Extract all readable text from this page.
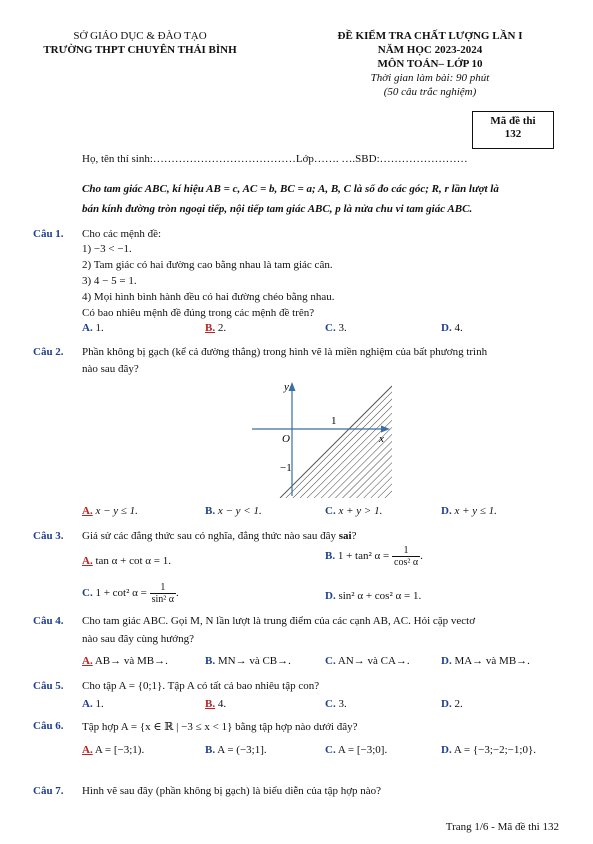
SỞ GIÁO DỤC & ĐÀO TẠO
TRƯỜNG THPT CHUYÊN THÁI BÌNH
ĐỀ KIỂM TRA CHẤT LƯỢNG LẦN I
NĂM HỌC 2023-2024
MÔN TOÁN– LỚP 10
Thời gian làm bài: 90 phút
(50 câu trắc nghiệm)
Mã đề thi
132
Họ, tên thí sinh:…………………………………Lớp……. ….SBD:……………………
Cho tam giác ABC, kí hiệu AB = c, AC = b, BC = a; A, B, C là số đo các góc; R, r lần lượt là
bán kính đường tròn ngoại tiếp, nội tiếp tam giác ABC, p là nửa chu vi tam giác ABC.
Câu 1. Cho các mệnh đề:
1) −3 < −1.
2) Tam giác có hai đường cao bằng nhau là tam giác cân.
3) 4 − 5 = 1.
4) Mọi hình bình hành đều có hai đường chéo bằng nhau.
Có bao nhiêu mệnh đề đúng trong các mệnh đề trên?
A. 1.	B. 2.	C. 3.	D. 4.
Câu 2. Phần không bị gạch (kể cả đường thẳng) trong hình vẽ là miền nghiệm của bất phương trình
nào sau đây?
y
x
O
1
−1
A. x − y ≤ 1.	B. x − y < 1.	C. x + y > 1.	D. x + y ≤ 1.
Câu 3. Giả sử các đẳng thức sau có nghĩa, đẳng thức nào sau đây sai?
A. tan α + cot α = 1.	B. 1 + tan² $\alpha = \frac{1}{\text{cos² α}}$ .
C. 1 + cot² $\alpha = \frac{1}{\text{sin² α}}$ .	D. sin² α + cos² α = 1.
Câu 4. Cho tam giác ABC. Gọi M, N lần lượt là trung điểm của các cạnh AB, AC. Hỏi cặp vectơ
nào sau đây cùng hướng?
A. AB→ và MB→.	B. MN→ và CB→.	C. AN→ và CA→.	D. MA→ và MB→.
Câu 5. Cho tập A = {0;1}. Tập A có tất cả bao nhiêu tập con?
A. 1.	B. 4.	C. 3.	D. 2.
Câu 6. Tập hợp A = {x ∈ ℝ | −3 ≤ x < 1} bằng tập hợp nào dưới đây?
A. A = [−3;1).	B. A = (−3;1].	C. A = [−3;0].	D. A = {−3;−2;−1;0}.
Câu 7. Hình vẽ sau đây (phần không bị gạch) là biểu diễn của tập hợp nào?
Trang 1/6 - Mã đề thi 132
